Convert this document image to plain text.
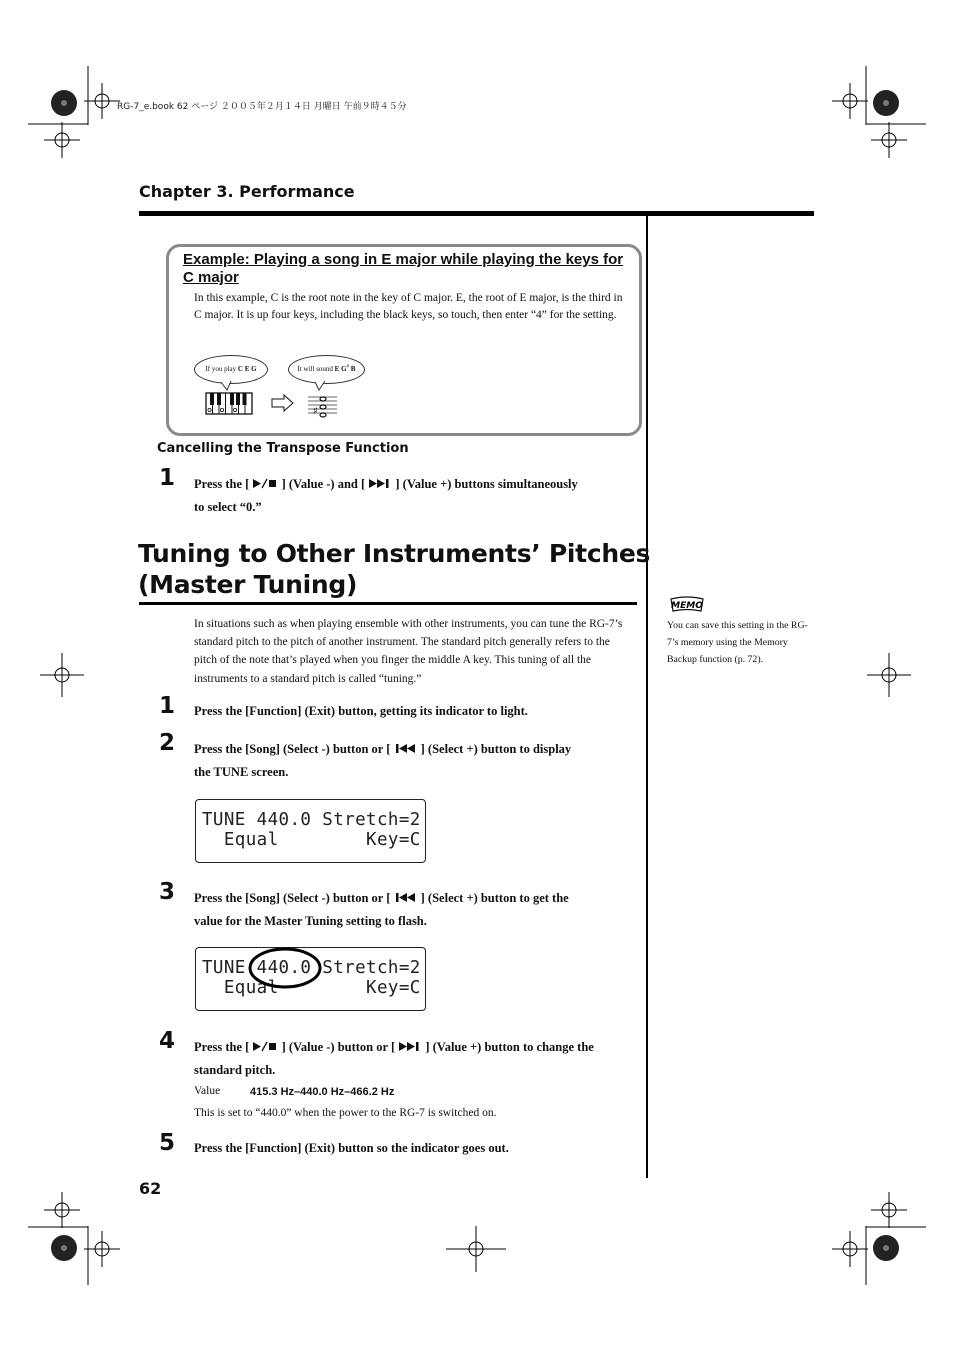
RG-7_e.book 62 ページ ２００５年２月１４日 月曜日 午前９時４５分
Chapter 3. Performance
Example: Playing a song in E major while playing the keys for C major
In this example, C is the root note in the key of C major. E, the root of E major, is the third in C major. It is up four keys, including the black keys, so touch, then enter “4” for the setting.
If you play C E G	It will sound E G# B
♯
Cancelling the Transpose Function
1 Press the [	] (Value -) and [ ] (Value +) buttons simultaneously
to select “0.”
Tuning to Other Instruments’ Pitches
(Master Tuning)
In situations such as when playing ensemble with other instruments, you can tune the RG-7’s standard pitch to the pitch of another instrument. The standard pitch generally refers to the pitch of the note that’s played when you finger the middle A key. This tuning of all the instruments to a standard pitch is called “tuning.”
MEMO
You can save this setting in the RG-7’s memory using the Memory Backup function (p. 72).
1 Press the [Function] (Exit) button, getting its indicator to light.
2 Press the [Song] (Select -) button or [ ] (Select +) button to display
the TUNE screen.
TUNE 440.0 Stretch=2
Equal        Key=C
3 Press the [Song] (Select -) button or [ ] (Select +) button to get the
value for the Master Tuning setting to flash.
TUNE 440.0 Stretch=2
Equal        Key=C
4 Press the [	] (Value -) button or [ ] (Value +) button to change the
standard pitch.
Value	415.3 Hz–440.0 Hz–466.2 Hz
This is set to “440.0” when the power to the RG-7 is switched on.
5 Press the [Function] (Exit) button so the indicator goes out.
62
